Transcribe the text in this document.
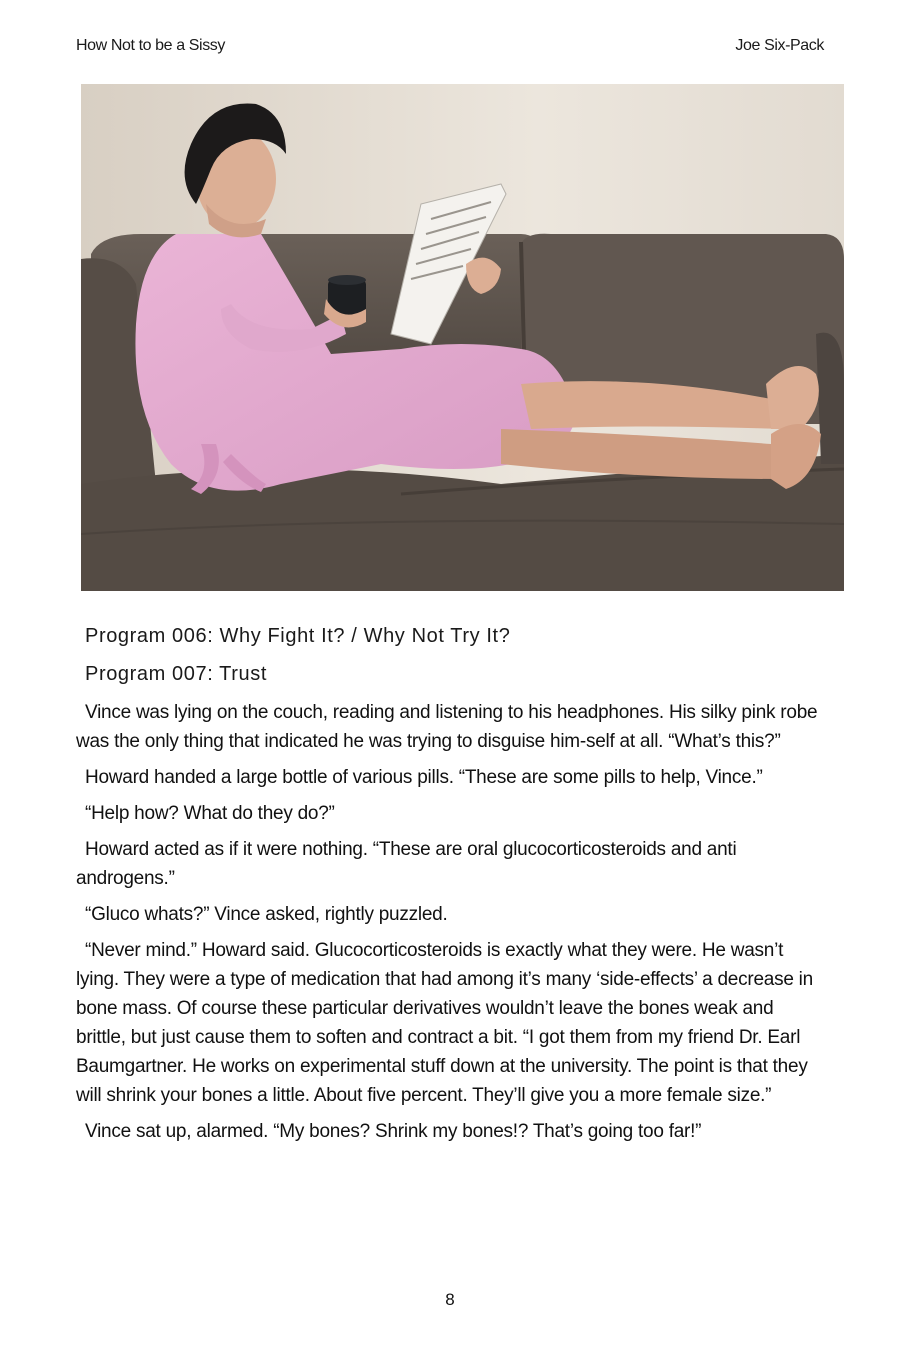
How Not to be a Sissy	Joe Six-Pack

Program 006: Why Fight It? / Why Not Try It?

Program 007: Trust

Vince was lying on the couch, reading and listening to his headphones. His silky pink robe was the only thing that indicated he was trying to disguise him-self at all. “What’s this?”

Howard handed a large bottle of various pills. “These are some pills to help, Vince.”

“Help how? What do they do?”

Howard acted as if it were nothing. “These are oral glucocorticosteroids and anti androgens.”

“Gluco whats?” Vince asked, rightly puzzled.

“Never mind.” Howard said. Glucocorticosteroids is exactly what they were. He wasn’t lying. They were a type of medication that had among it’s many ‘side-effects’ a decrease in bone mass. Of course these particular derivatives wouldn’t leave the bones weak and brittle, but just cause them to soften and contract a bit. “I got them from my friend Dr. Earl Baumgartner. He works on experimental stuff down at the university. The point is that they will shrink your bones a little. About five percent. They’ll give you a more female size.”

Vince sat up, alarmed. “My bones? Shrink my bones!? That’s going too far!”

8
